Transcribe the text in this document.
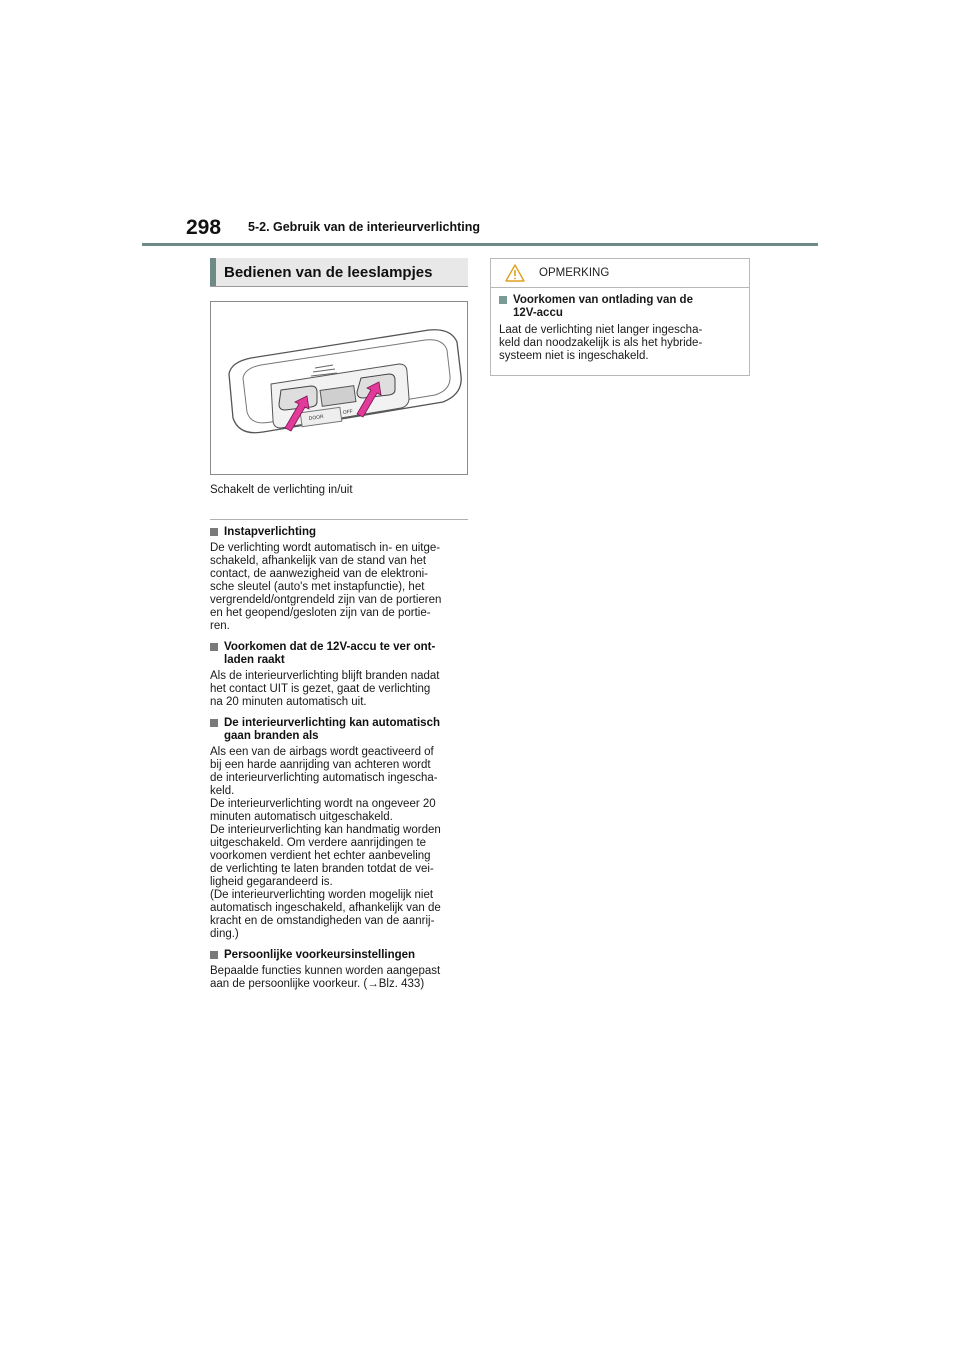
298 5-2. Gebruik van de interieurverlichting
Bedienen van de leeslampjes
DOOR
OFF
Schakelt de verlichting in/uit
Instapverlichting
De verlichting wordt automatisch in- en uitge-
schakeld, afhankelijk van de stand van het
contact, de aanwezigheid van de elektroni-
sche sleutel (auto's met instapfunctie), het
vergrendeld/ontgrendeld zijn van de portieren
en het geopend/gesloten zijn van de portie-
ren.
Voorkomen dat de 12V-accu te ver ont-
laden raakt
Als de interieurverlichting blijft branden nadat
het contact UIT is gezet, gaat de verlichting
na 20 minuten automatisch uit.
De interieurverlichting kan automatisch
gaan branden als
Als een van de airbags wordt geactiveerd of
bij een harde aanrijding van achteren wordt
de interieurverlichting automatisch ingescha-
keld.
De interieurverlichting wordt na ongeveer 20
minuten automatisch uitgeschakeld.
De interieurverlichting kan handmatig worden
uitgeschakeld. Om verdere aanrijdingen te
voorkomen verdient het echter aanbeveling
de verlichting te laten branden totdat de vei-
ligheid gegarandeerd is.
(De interieurverlichting worden mogelijk niet
automatisch ingeschakeld, afhankelijk van de
kracht en de omstandigheden van de aanrij-
ding.)
Persoonlijke voorkeursinstellingen
Bepaalde functies kunnen worden aangepast
aan de persoonlijke voorkeur. (→Blz. 433)
OPMERKING
Voorkomen van ontlading van de
12V-accu
Laat de verlichting niet langer ingescha-
keld dan noodzakelijk is als het hybride-
systeem niet is ingeschakeld.
